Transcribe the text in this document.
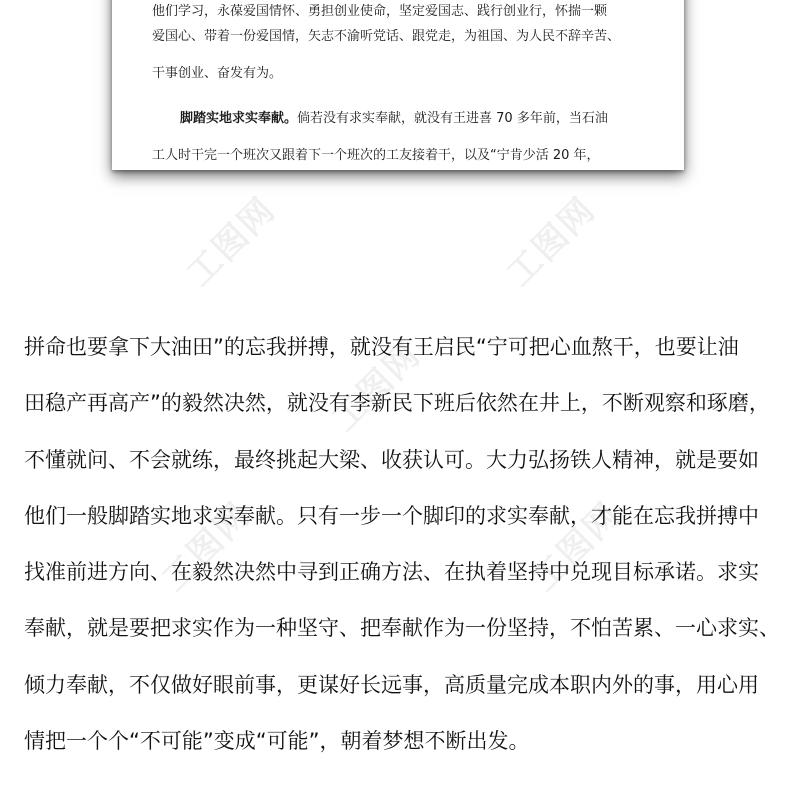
他们学习，永葆爱国情怀、勇担创业使命，坚定爱国志、践行创业行，怀揣一颗
爱国心、带着一份爱国情，矢志不渝听党话、跟党走，为祖国、为人民不辞辛苦、
干事创业、奋发有为。
脚踏实地求实奉献。倘若没有求实奉献，就没有王进喜 70 多年前，当石油
工人时干完一个班次又跟着下一个班次的工友接着干，以及“宁肯少活 20 年，
工图网	工图网
工图网
工图网	工图网
拼命也要拿下大油田”的忘我拼搏，就没有王启民“宁可把心血熬干，也要让油
田稳产再高产”的毅然决然，就没有李新民下班后依然在井上，不断观察和琢磨，
不懂就问、不会就练，最终挑起大梁、收获认可。大力弘扬铁人精神，就是要如
他们一般脚踏实地求实奉献。只有一步一个脚印的求实奉献，才能在忘我拼搏中
找准前进方向、在毅然决然中寻到正确方法、在执着坚持中兑现目标承诺。求实
奉献，就是要把求实作为一种坚守、把奉献作为一份坚持，不怕苦累、一心求实、
倾力奉献，不仅做好眼前事，更谋好长远事，高质量完成本职内外的事，用心用
情把一个个“不可能”变成“可能”，朝着梦想不断出发。
